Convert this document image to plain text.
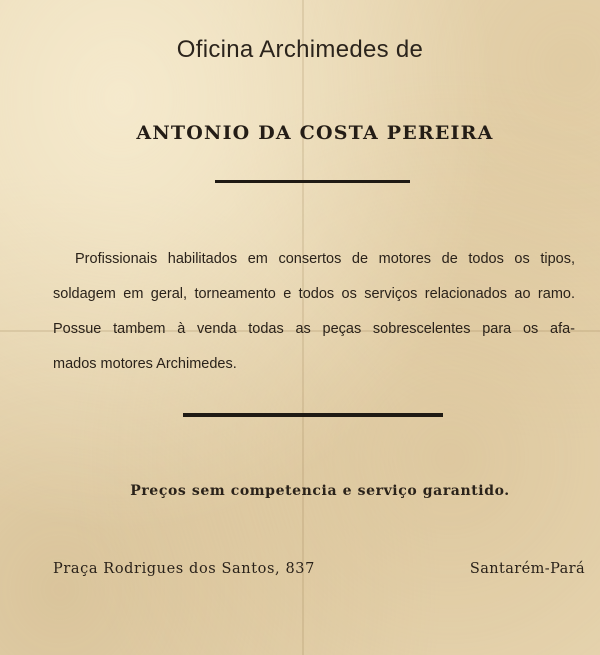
Oficina Archimedes de
ANTONIO DA COSTA PEREIRA
Profissionais habilitados em consertos de motores de todos os tipos,
soldagem em geral, torneamento e todos os serviços relacionados ao ramo.
Possue tambem à venda todas as peças sobrescelentes para os afa-
mados motores Archimedes.
Preços sem competencia e serviço garantido.
Praça Rodrigues dos Santos, 837	Santarém-Pará
